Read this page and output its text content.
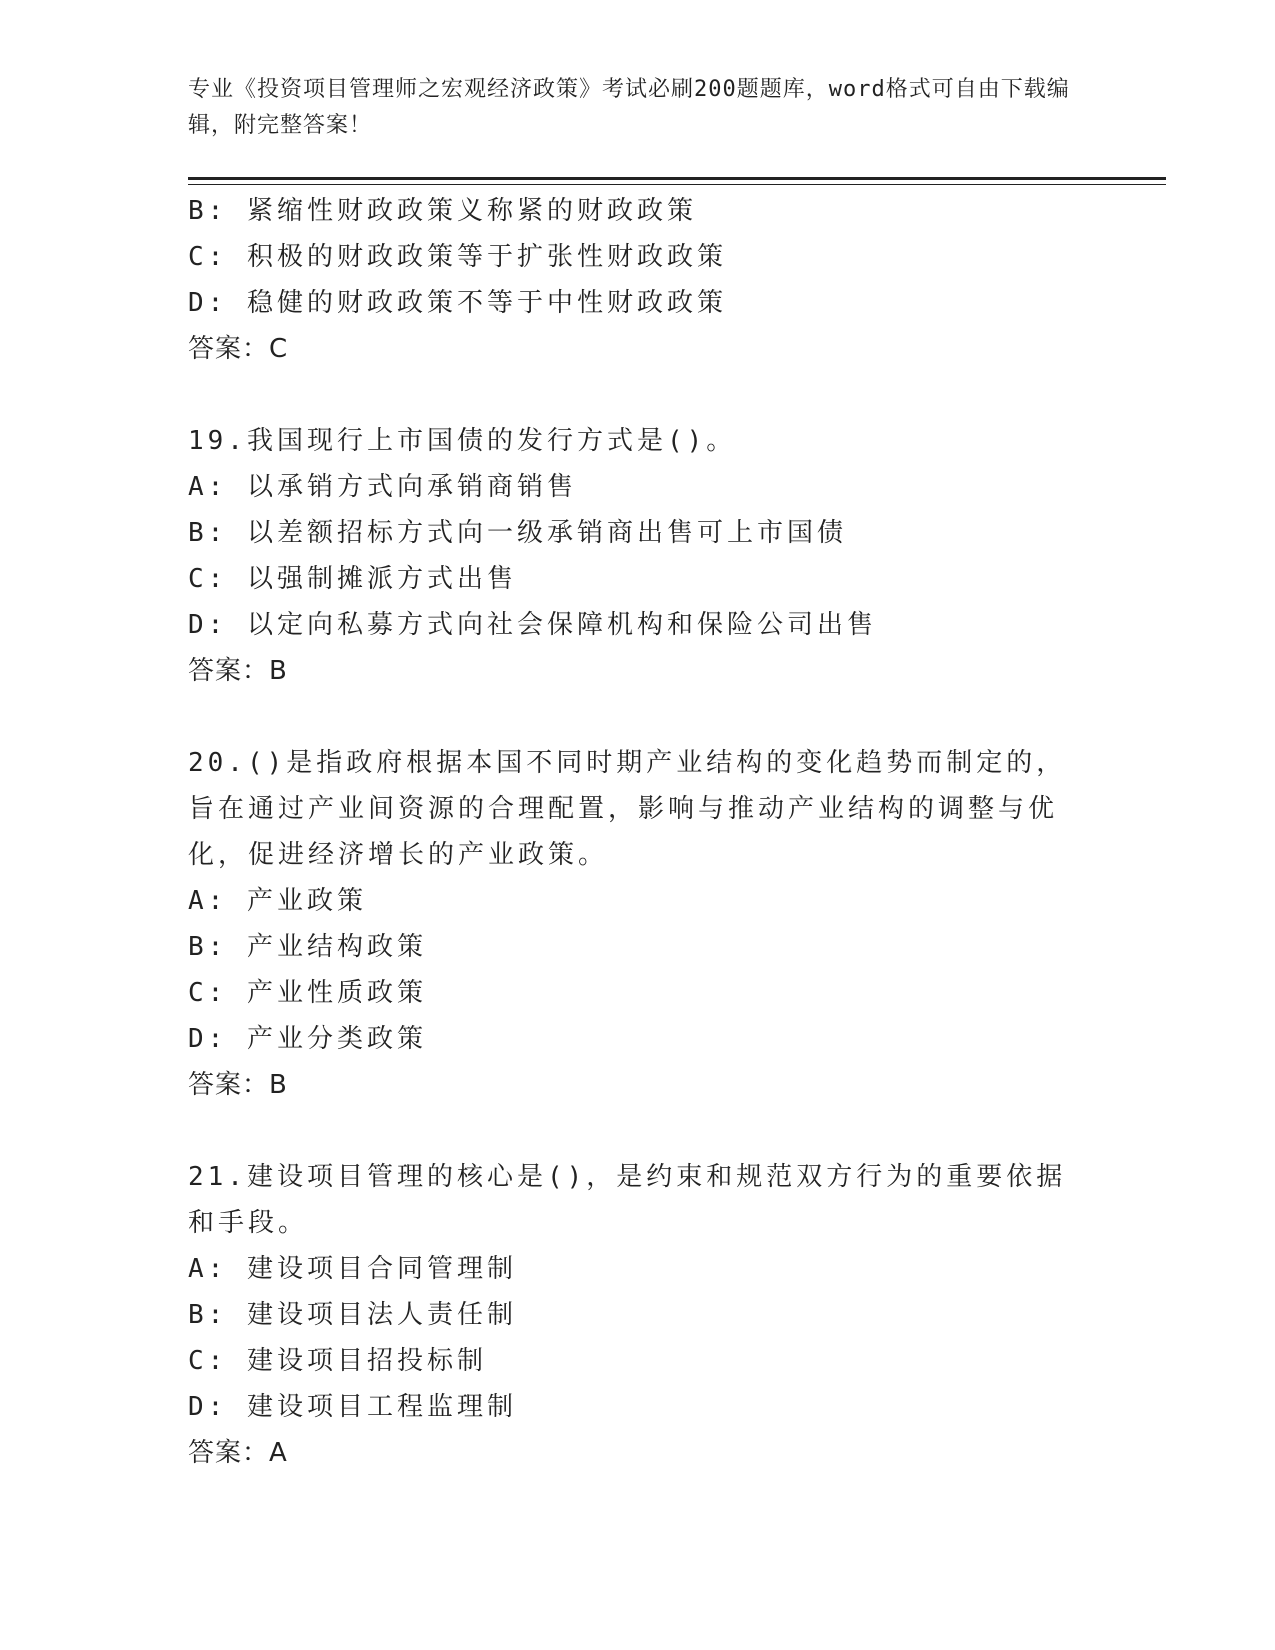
专业《投资项目管理师之宏观经济政策》考试必刷200题题库，word格式可自由下载编辑，附完整答案！
B: 紧缩性财政政策义称紧的财政政策
C: 积极的财政政策等于扩张性财政政策
D: 稳健的财政政策不等于中性财政政策
答案：C
19.我国现行上市国债的发行方式是()。
A: 以承销方式向承销商销售
B: 以差额招标方式向一级承销商出售可上市国债
C: 以强制摊派方式出售
D: 以定向私募方式向社会保障机构和保险公司出售
答案：B
20.()是指政府根据本国不同时期产业结构的变化趋势而制定的，旨在通过产业间资源的合理配置，影响与推动产业结构的调整与优化，促进经济增长的产业政策。
A: 产业政策
B: 产业结构政策
C: 产业性质政策
D: 产业分类政策
答案：B
21.建设项目管理的核心是()，是约束和规范双方行为的重要依据和手段。
A: 建设项目合同管理制
B: 建设项目法人责任制
C: 建设项目招投标制
D: 建设项目工程监理制
答案：A
